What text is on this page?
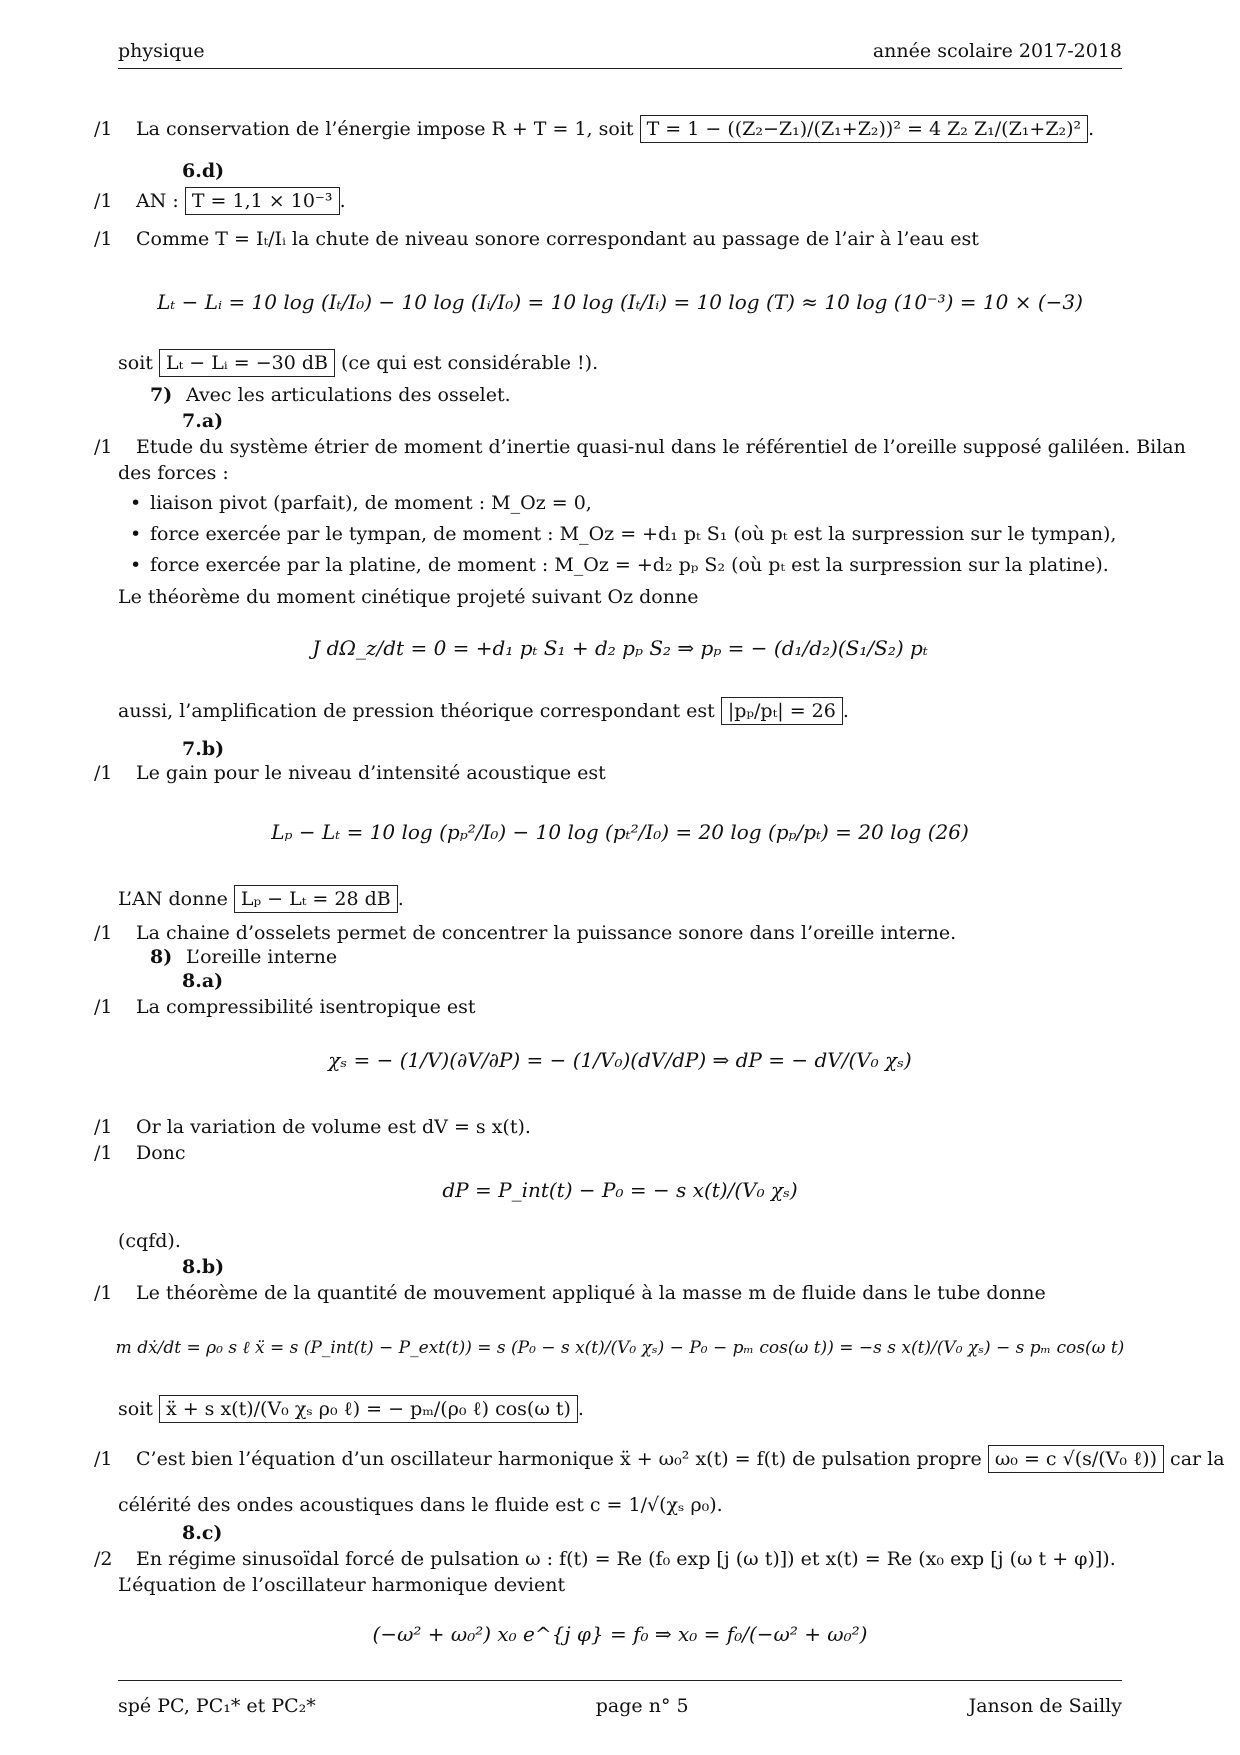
physique	année scolaire 2017-2018
/1 La conservation de l’énergie impose R + T = 1, soit T = 1 − ((Z₂−Z₁)/(Z₁+Z₂))² = 4 Z₂ Z₁/(Z₁+Z₂)² .
6.d)
/1 AN : T = 1,1 × 10⁻³ .
/1 Comme T = Iₜ/Iᵢ la chute de niveau sonore correspondant au passage de l’air à l’eau est
Lₜ − Lᵢ = 10 log (Iₜ/I₀) − 10 log (Iᵢ/I₀) = 10 log (Iₜ/Iᵢ) = 10 log (T) ≈ 10 log (10⁻³) = 10 × (−3)
soit Lₜ − Lᵢ = −30 dB (ce qui est considérable !).
7) Avec les articulations des osselet.
7.a)
/1 Etude du système étrier de moment d’inertie quasi-nul dans le référentiel de l’oreille supposé galiléen. Bilan
des forces :
• liaison pivot (parfait), de moment : M_Oz = 0,
• force exercée par le tympan, de moment : M_Oz = +d₁ pₜ S₁ (où pₜ est la surpression sur le tympan),
• force exercée par la platine, de moment : M_Oz = +d₂ pₚ S₂ (où pₜ est la surpression sur la platine).
Le théorème du moment cinétique projeté suivant Oz donne
J dΩ_z/dt = 0 = +d₁ pₜ S₁ + d₂ pₚ S₂ ⇒ pₚ = − (d₁/d₂)(S₁/S₂) pₜ
aussi, l’amplification de pression théorique correspondant est |pₚ/pₜ| = 26 .
7.b)
/1 Le gain pour le niveau d’intensité acoustique est
Lₚ − Lₜ = 10 log (pₚ²/I₀) − 10 log (pₜ²/I₀) = 20 log (pₚ/pₜ) = 20 log (26)
L’AN donne Lₚ − Lₜ = 28 dB .
/1 La chaine d’osselets permet de concentrer la puissance sonore dans l’oreille interne.
8) L’oreille interne
8.a)
/1 La compressibilité isentropique est
χₛ = − (1/V)(∂V/∂P) = − (1/V₀)(dV/dP) ⇒ dP = − dV/(V₀ χₛ)
/1 Or la variation de volume est dV = s x(t).
/1 Donc
dP = P_int(t) − P₀ = − s x(t)/(V₀ χₛ)
(cqfd).
8.b)
/1 Le théorème de la quantité de mouvement appliqué à la masse m de fluide dans le tube donne
m dẋ/dt = ρ₀ s ℓ ẍ = s (P_int(t) − P_ext(t)) = s (P₀ − s x(t)/(V₀ χₛ) − P₀ − pₘ cos(ω t)) = −s s x(t)/(V₀ χₛ) − s pₘ cos(ω t)
soit ẍ + s x(t)/(V₀ χₛ ρ₀ ℓ) = − pₘ/(ρ₀ ℓ) cos(ω t) .
/1 C’est bien l’équation d’un oscillateur harmonique ẍ + ω₀² x(t) = f(t) de pulsation propre ω₀ = c √(s/(V₀ ℓ)) car la
célérité des ondes acoustiques dans le fluide est c = 1/√(χₛ ρ₀).
8.c)
/2 En régime sinusoïdal forcé de pulsation ω : f(t) = Re (f₀ exp [j (ω t)]) et x(t) = Re (x₀ exp [j (ω t + φ)]).
L’équation de l’oscillateur harmonique devient
(−ω² + ω₀²) x₀ e^{j φ} = f₀ ⇒ x₀ = f₀/(−ω² + ω₀²)
spé PC, PC₁* et PC₂*	page n° 5	Janson de Sailly
